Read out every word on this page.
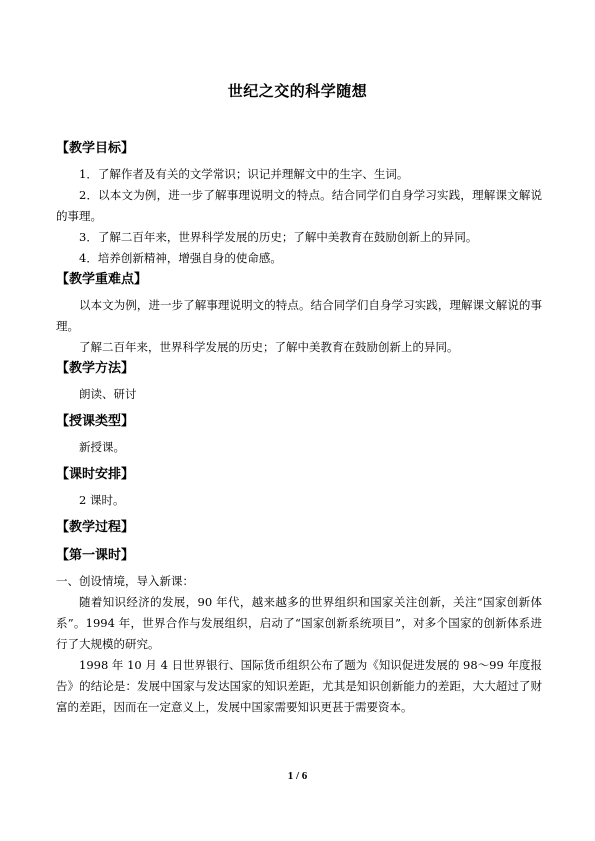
世纪之交的科学随想
【教学目标】

1．了解作者及有关的文学常识；识记并理解文中的生字、生词。

2．以本文为例，进一步了解事理说明文的特点。结合同学们自身学习实践，理解课文解说的事理。

3．了解二百年来，世界科学发展的历史；了解中美教育在鼓励创新上的异同。

4．培养创新精神，增强自身的使命感。

【教学重难点】

以本文为例，进一步了解事理说明文的特点。结合同学们自身学习实践，理解课文解说的事理。

了解二百年来，世界科学发展的历史；了解中美教育在鼓励创新上的异同。

【教学方法】

朗读、研讨

【授课类型】

新授课。

【课时安排】

2 课时。

【教学过程】
【第一课时】

一、创设情境，导入新课：

随着知识经济的发展，90 年代，越来越多的世界组织和国家关注创新，关注“国家创新体系”。1994 年，世界合作与发展组织，启动了“国家创新系统项目”，对多个国家的创新体系进行了大规模的研究。

1998 年 10 月 4 日世界银行、国际货币组织公布了题为《知识促进发展的 98～99 年度报告》的结论是：发展中国家与发达国家的知识差距，尤其是知识创新能力的差距，大大超过了财富的差距，因而在一定意义上，发展中国家需要知识更甚于需要资本。

1 / 6
